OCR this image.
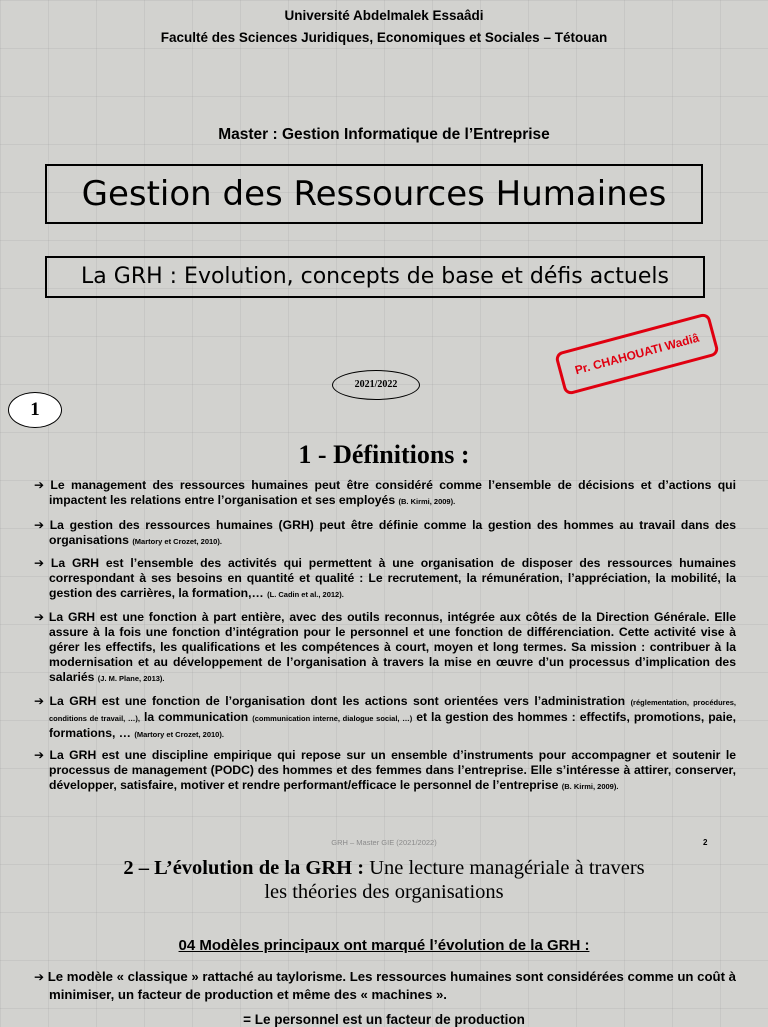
Université Abdelmalek Essaâdi
Faculté des Sciences Juridiques, Economiques et Sociales – Tétouan
Master : Gestion Informatique de l’Entreprise
Gestion des Ressources Humaines
La GRH : Evolution, concepts de base et défis actuels
Pr. CHAHOUATI Wadiâ
2021/2022
1
1 - Définitions :
➔ Le management des ressources humaines peut être considéré comme l’ensemble de décisions et d’actions qui impactent les relations entre l’organisation et ses employés (B. Kirmi, 2009).
➔ La gestion des ressources humaines (GRH) peut être définie comme la gestion des hommes au travail dans des organisations (Martory et Crozet, 2010).
➔ La GRH est l’ensemble des activités qui permettent à une organisation de disposer des ressources humaines correspondant à ses besoins en quantité et qualité : Le recrutement, la rémunération, l’appréciation, la mobilité, la gestion des carrières, la formation,… (L. Cadin et al., 2012).
➔ La GRH est une fonction à part entière, avec des outils reconnus, intégrée aux côtés de la Direction Générale. Elle assure à la fois une fonction d’intégration pour le personnel et une fonction de différenciation. Cette activité vise à gérer les effectifs, les qualifications et les compétences à court, moyen et long termes. Sa mission : contribuer à la modernisation et au développement de l’organisation à travers la mise en œuvre d’un processus d’implication des salariés (J. M. Plane, 2013).
➔ La GRH est une fonction de l’organisation dont les actions sont orientées vers l’administration (réglementation, procédures, conditions de travail, …), la communication (communication interne, dialogue social, …) et la gestion des hommes : effectifs, promotions, paie, formations, … (Martory et Crozet, 2010).
➔ La GRH est une discipline empirique qui repose sur un ensemble d’instruments pour accompagner et soutenir le processus de management (PODC) des hommes et des femmes dans l’entreprise. Elle s’intéresse à attirer, conserver, développer, satisfaire, motiver et rendre performant/efficace le personnel de l’entreprise (B. Kirmi, 2009).
GRH – Master GIE (2021/2022)	2
2 – L’évolution de la GRH : Une lecture managériale à travers
les théories des organisations
04 Modèles principaux ont marqué l’évolution de la GRH :
➔ Le modèle « classique » rattaché au taylorisme. Les ressources humaines sont considérées comme un coût à minimiser, un facteur de production et même des « machines ».
= Le personnel est un facteur de production
